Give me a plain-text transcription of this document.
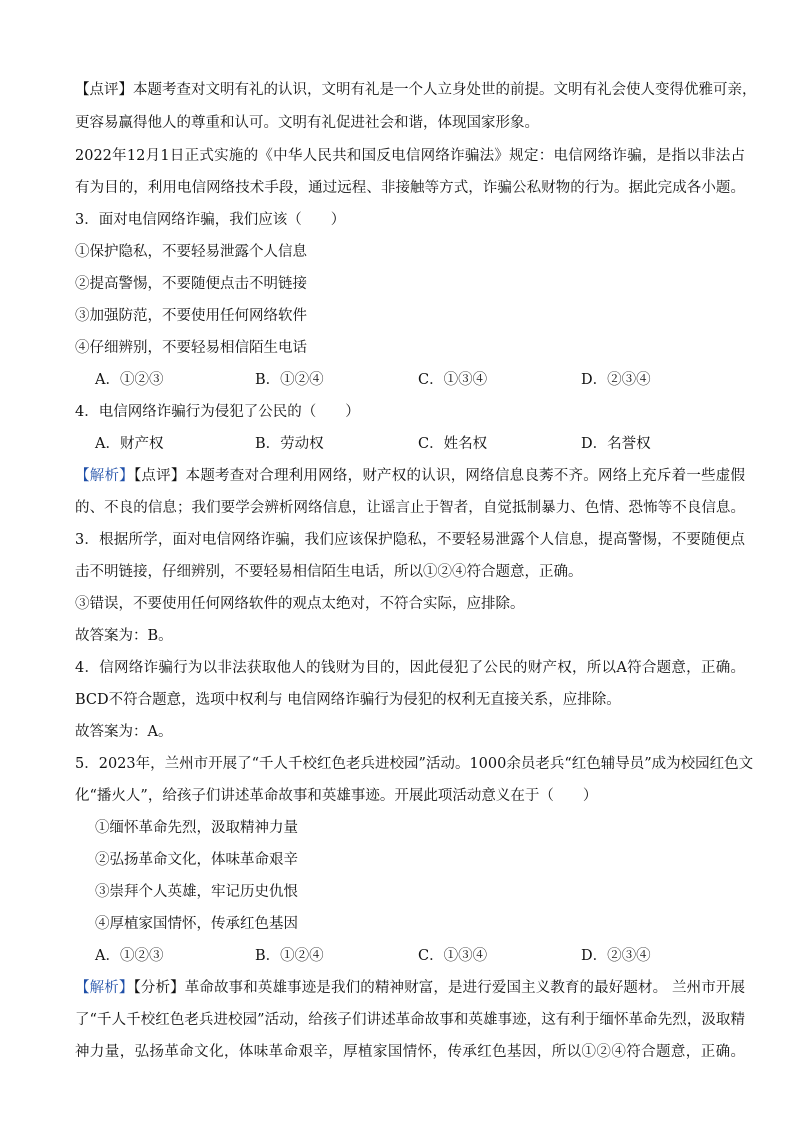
【点评】本题考查对文明有礼的认识，文明有礼是一个人立身处世的前提。文明有礼会使人变得优雅可亲，
更容易赢得他人的尊重和认可。文明有礼促进社会和谐，体现国家形象。
2022年12月1日正式实施的《中华人民共和国反电信网络诈骗法》规定：电信网络诈骗，是指以非法占
有为目的，利用电信网络技术手段，通过远程、非接触等方式，诈骗公私财物的行为。据此完成各小题。
3．面对电信网络诈骗，我们应该（　　）
①保护隐私，不要轻易泄露个人信息
②提高警惕，不要随便点击不明链接
③加强防范，不要使用任何网络软件
④仔细辨别，不要轻易相信陌生电话
A．①②③	B．①②④	C．①③④	D．②③④
4．电信网络诈骗行为侵犯了公民的（　　）
A．财产权	B．劳动权	C．姓名权	D．名誉权
【解析】【点评】本题考查对合理利用网络，财产权的认识，网络信息良莠不齐。网络上充斥着一些虚假
的、不良的信息；我们要学会辨析网络信息，让谣言止于智者，自觉抵制暴力、色情、恐怖等不良信息。
3．根据所学，面对电信网络诈骗，我们应该保护隐私，不要轻易泄露个人信息，提高警惕，不要随便点
击不明链接，仔细辨别，不要轻易相信陌生电话，所以①②④符合题意，正确。
③错误，不要使用任何网络软件的观点太绝对，不符合实际，应排除。
故答案为：B。
4．信网络诈骗行为以非法获取他人的钱财为目的，因此侵犯了公民的财产权，所以A符合题意，正确。
BCD不符合题意，选项中权利与 电信网络诈骗行为侵犯的权利无直接关系，应排除。
故答案为：A。
5．2023年，兰州市开展了“千人千校红色老兵进校园”活动。1000余员老兵“红色辅导员”成为校园红色文
化“播火人”，给孩子们讲述革命故事和英雄事迹。开展此项活动意义在于（　　）
①缅怀革命先烈，汲取精神力量
②弘扬革命文化，体味革命艰辛
③崇拜个人英雄，牢记历史仇恨
④厚植家国情怀，传承红色基因
A．①②③	B．①②④	C．①③④	D．②③④
【解析】【分析】革命故事和英雄事迹是我们的精神财富，是进行爱国主义教育的最好题材。 兰州市开展
了“千人千校红色老兵进校园”活动，给孩子们讲述革命故事和英雄事迹，这有利于缅怀革命先烈，汲取精
神力量，弘扬革命文化，体味革命艰辛，厚植家国情怀，传承红色基因，所以①②④符合题意，正确。
